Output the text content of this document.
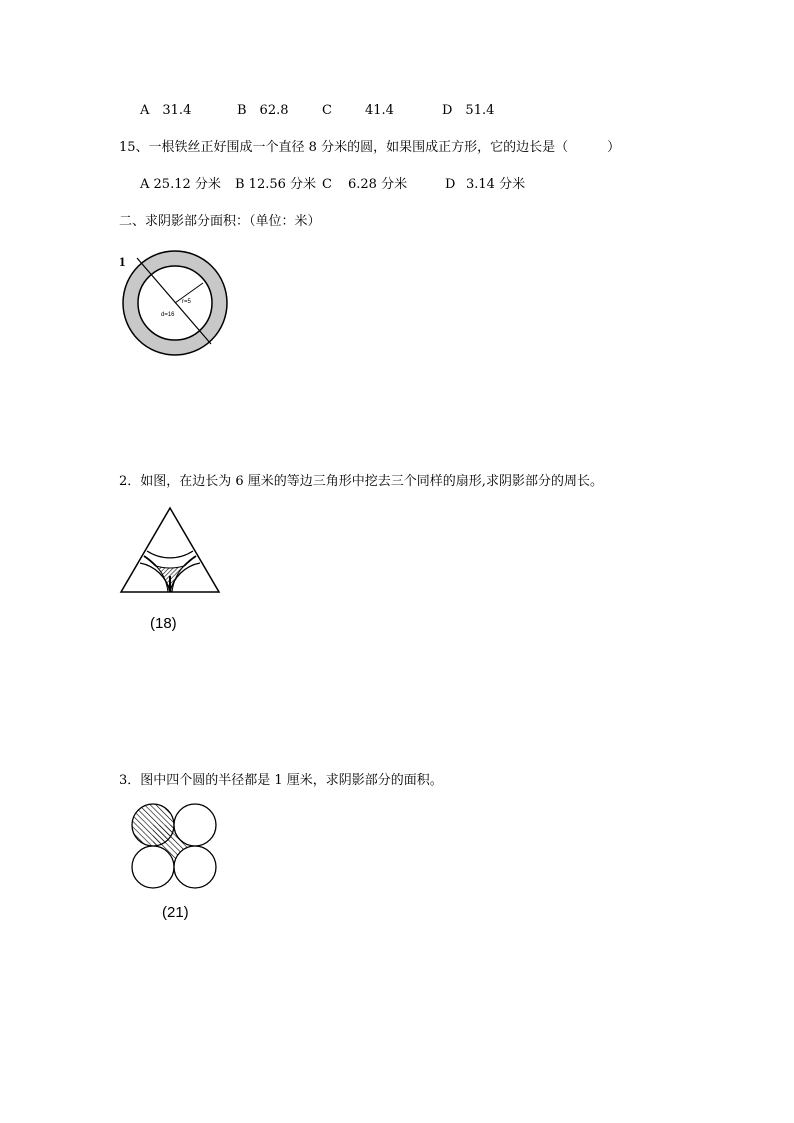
A　31.4	B　62.8	C	41.4	D　51.4
15、一根铁丝正好围成一个直径 8 分米的圆，如果围成正方形，它的边长是（　　　）
A 25.12 分米 B 12.56 分米 C 6.28 分米	D 3.14 分米
二、求阴影部分面积：（单位：米）
1
r=5
d=16
2．如图，在边长为 6 厘米的等边三角形中挖去三个同样的扇形,求阴影部分的周长。
(18)
3．图中四个圆的半径都是 1 厘米，求阴影部分的面积。
(21)
